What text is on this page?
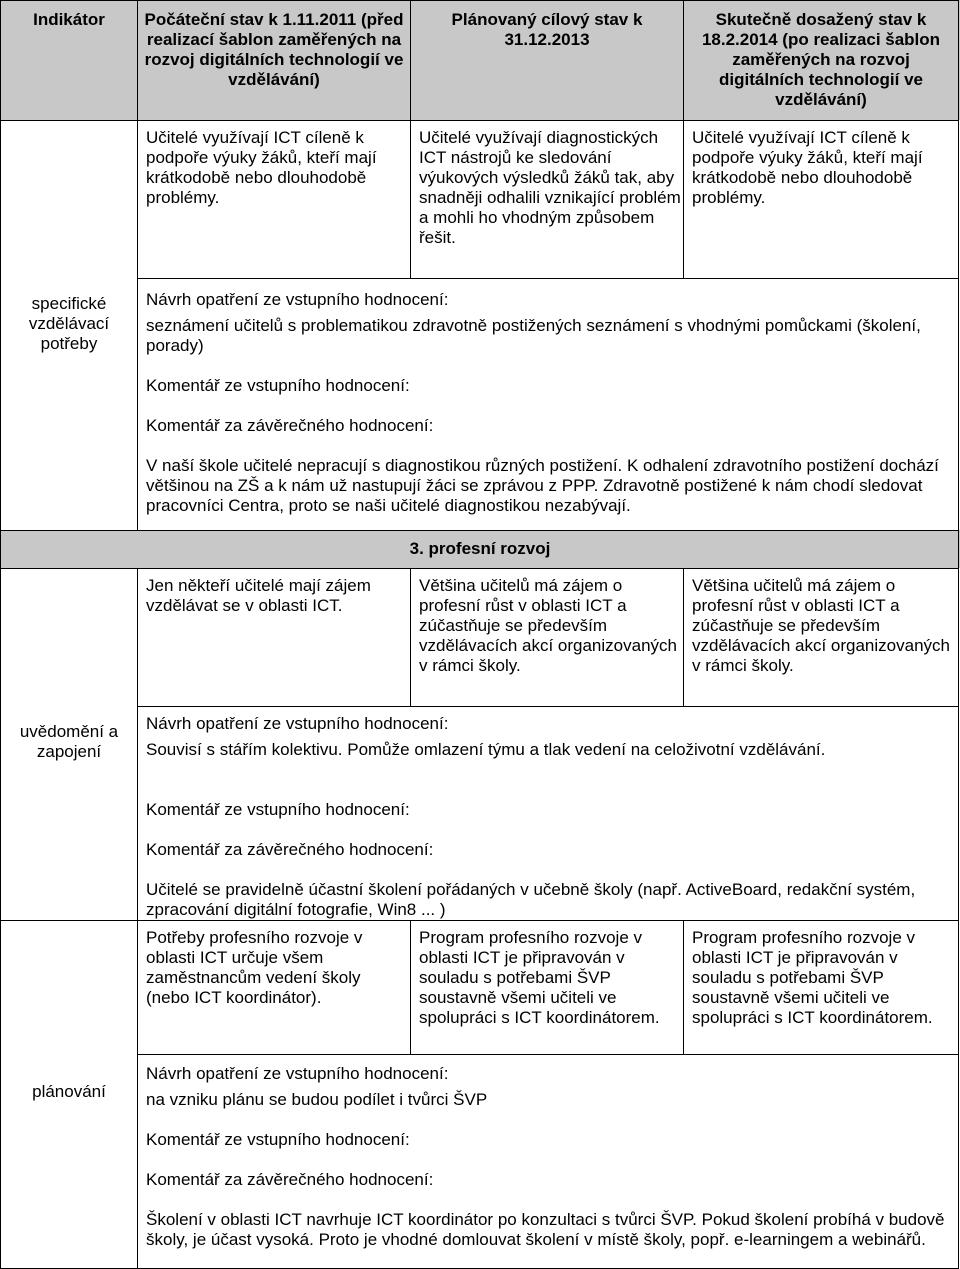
Indikátor	Počáteční stav k 1.11.2011 (před realizací šablon zaměřených na rozvoj digitálních technologií ve vzdělávání)

Plánovaný cílový stav k 31.12.2013

Skutečně dosažený stav k 18.2.2014 (po realizaci šablon zaměřených na rozvoj digitálních technologií ve vzdělávání)

Učitelé využívají ICT cíleně k podpoře výuky žáků, kteří mají krátkodobě nebo dlouhodobě problémy.

Učitelé využívají diagnostických ICT nástrojů ke sledování výukových výsledků žáků tak, aby snadněji odhalili vznikající problém a mohli ho vhodným způsobem řešit.

Učitelé využívají ICT cíleně k podpoře výuky žáků, kteří mají krátkodobě nebo dlouhodobě problémy.

specifické vzdělávací potřeby

Návrh opatření ze vstupního hodnocení:

seznámení učitelů s problematikou zdravotně postižených seznámení s vhodnými pomůckami (školení, porady)

Komentář ze vstupního hodnocení:

Komentář za závěrečného hodnocení:

V naší škole učitelé nepracují s diagnostikou různých postižení. K odhalení zdravotního postižení dochází většinou na ZŠ a k nám už nastupují žáci se zprávou z PPP. Zdravotně postižené k nám chodí sledovat pracovníci Centra, proto se naši učitelé diagnostikou nezabývají.

3. profesní rozvoj

Jen někteří učitelé mají zájem vzdělávat se v oblasti ICT.

Většina učitelů má zájem o profesní růst v oblasti ICT a zúčastňuje se především vzdělávacích akcí organizovaných v rámci školy.

Většina učitelů má zájem o profesní růst v oblasti ICT a zúčastňuje se především vzdělávacích akcí organizovaných v rámci školy.

uvědomění a zapojení

Návrh opatření ze vstupního hodnocení:

Souvisí s stářím kolektivu. Pomůže omlazení týmu a tlak vedení na celoživotní vzdělávání.

Komentář ze vstupního hodnocení:

Komentář za závěrečného hodnocení:

Učitelé se pravidelně účastní školení pořádaných v učebně školy (např. ActiveBoard, redakční systém, zpracování digitální fotografie, Win8 ... )

Potřeby profesního rozvoje v oblasti ICT určuje všem zaměstnancům vedení školy (nebo ICT koordinátor).

Program profesního rozvoje v oblasti ICT je připravován v souladu s potřebami ŠVP soustavně všemi učiteli ve spolupráci s ICT koordinátorem.

Program profesního rozvoje v oblasti ICT je připravován v souladu s potřebami ŠVP soustavně všemi učiteli ve spolupráci s ICT koordinátorem.

plánování

Návrh opatření ze vstupního hodnocení:

na vzniku plánu se budou podílet i tvůrci ŠVP

Komentář ze vstupního hodnocení:

Komentář za závěrečného hodnocení:

Školení v oblasti ICT navrhuje ICT koordinátor po konzultaci s tvůrci ŠVP. Pokud školení probíhá v budově školy, je účast vysoká. Proto je vhodné domlouvat školení v místě školy, popř. e-learningem a webinářů.
